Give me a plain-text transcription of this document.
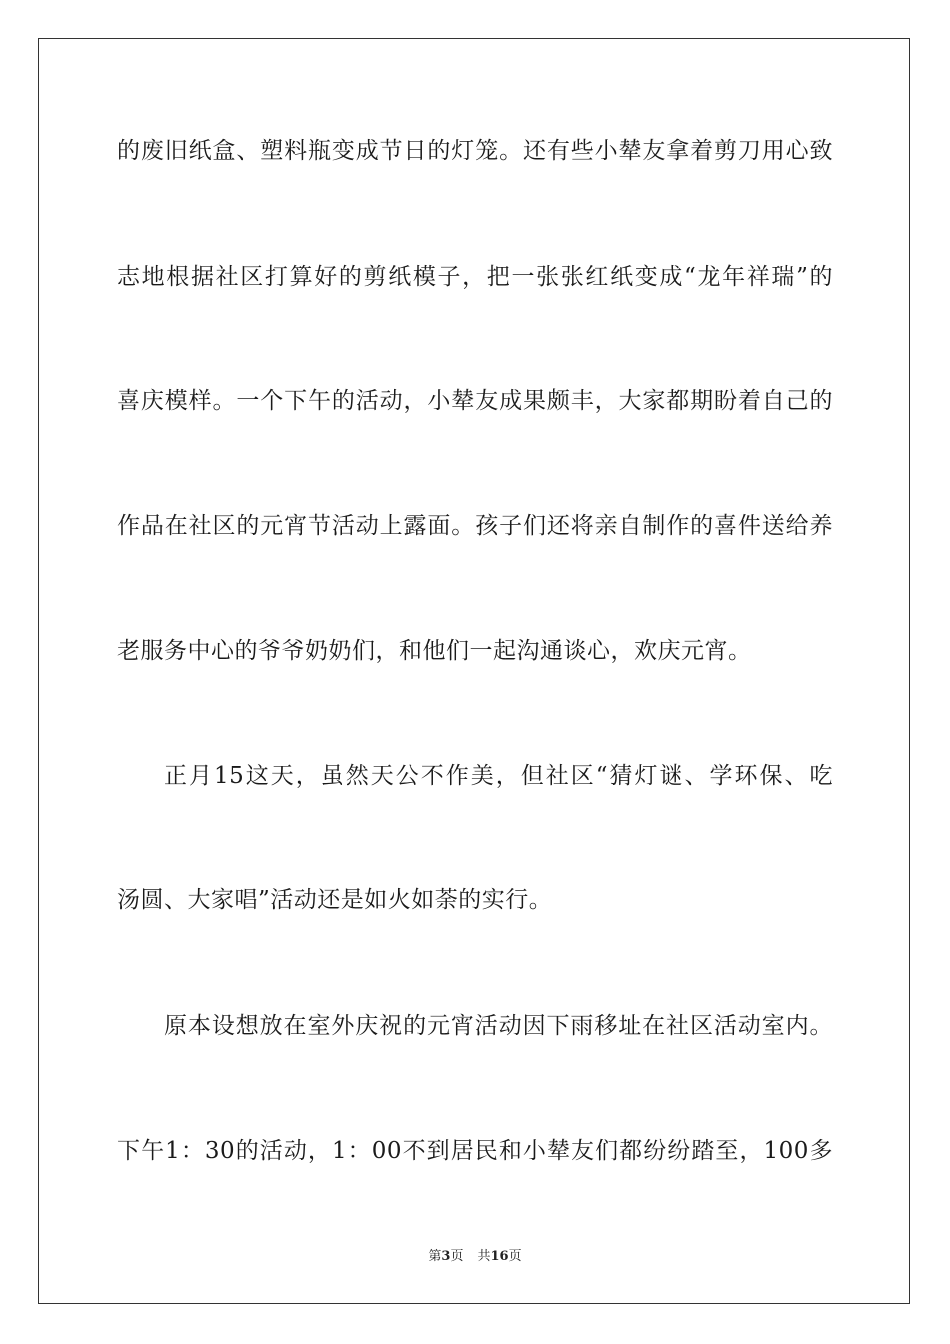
的废旧纸盒、塑料瓶变成节日的灯笼。还有些小辇友拿着剪刀用心致
志地根据社区打算好的剪纸模子，把一张张红纸变成“龙年祥瑞”的
喜庆模样。一个下午的活动，小辇友成果颇丰，大家都期盼着自己的
作品在社区的元宵节活动上露面。孩子们还将亲自制作的喜件送给养
老服务中心的爷爷奶奶们，和他们一起沟通谈心，欢庆元宵。
正月15这天，虽然天公不作美，但社区“猜灯谜、学环保、吃
汤圆、大家唱”活动还是如火如荼的实行。
原本设想放在室外庆祝的元宵活动因下雨移址在社区活动室内。
下午1：30的活动，1：00不到居民和小辇友们都纷纷踏至，100多
第3页 共16页
